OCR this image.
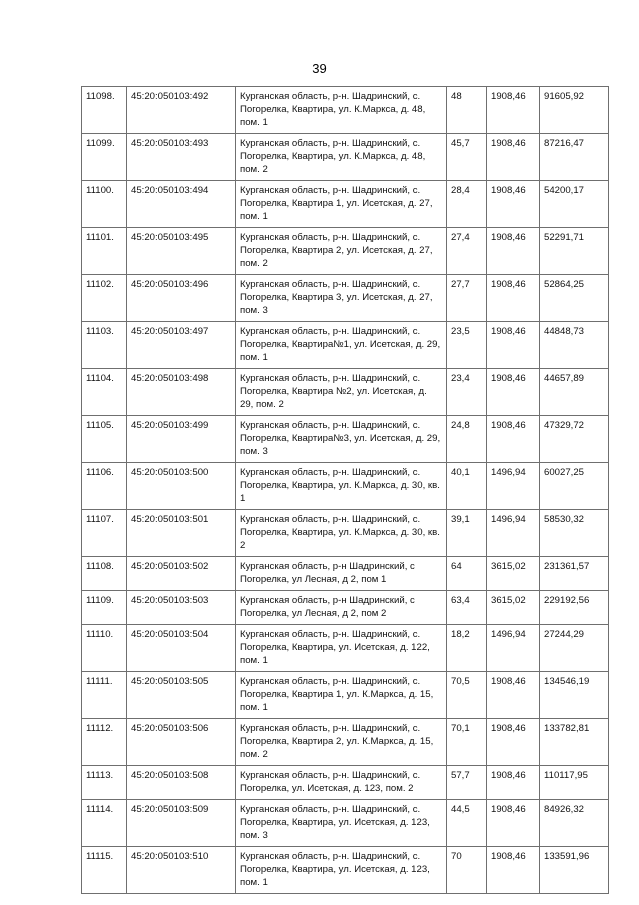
39
11098.	45:20:050103:492	Курганская область, р-н. Шадринский, с. Погорелка, Квартира, ул. К.Маркса, д. 48, пом. 1	48	1908,46	91605,92
11099.	45:20:050103:493	Курганская область, р-н. Шадринский, с. Погорелка, Квартира, ул. К.Маркса, д. 48, пом. 2	45,7	1908,46	87216,47
11100.	45:20:050103:494	Курганская область, р-н. Шадринский, с. Погорелка, Квартира 1, ул. Исетская, д. 27, пом. 1	28,4	1908,46	54200,17
11101.	45:20:050103:495	Курганская область, р-н. Шадринский, с. Погорелка, Квартира 2, ул. Исетская, д. 27, пом. 2	27,4	1908,46	52291,71
11102.	45:20:050103:496	Курганская область, р-н. Шадринский, с. Погорелка, Квартира 3, ул. Исетская, д. 27, пом. 3	27,7	1908,46	52864,25
11103.	45:20:050103:497	Курганская область, р-н. Шадринский, с. Погорелка, Квартира№1, ул. Исетская, д. 29, пом. 1	23,5	1908,46	44848,73
11104.	45:20:050103:498	Курганская область, р-н. Шадринский, с. Погорелка, Квартира №2, ул. Исетская, д. 29, пом. 2	23,4	1908,46	44657,89
11105.	45:20:050103:499	Курганская область, р-н. Шадринский, с. Погорелка, Квартира№3, ул. Исетская, д. 29, пом. 3	24,8	1908,46	47329,72
11106.	45:20:050103:500	Курганская область, р-н. Шадринский, с. Погорелка, Квартира, ул. К.Маркса, д. 30, кв. 1	40,1	1496,94	60027,25
11107.	45:20:050103:501	Курганская область, р-н. Шадринский, с. Погорелка, Квартира, ул. К.Маркса, д. 30, кв. 2	39,1	1496,94	58530,32
11108.	45:20:050103:502	Курганская область, р-н Шадринский, с Погорелка, ул Лесная, д 2, пом 1	64	3615,02	231361,57
11109.	45:20:050103:503	Курганская область, р-н Шадринский, с Погорелка, ул Лесная, д 2, пом 2	63,4	3615,02	229192,56
11110.	45:20:050103:504	Курганская область, р-н. Шадринский, с. Погорелка, Квартира, ул. Исетская, д. 122, пом. 1	18,2	1496,94	27244,29
11111.	45:20:050103:505	Курганская область, р-н. Шадринский, с. Погорелка, Квартира 1, ул. К.Маркса, д. 15, пом. 1	70,5	1908,46	134546,19
11112.	45:20:050103:506	Курганская область, р-н. Шадринский, с. Погорелка, Квартира 2, ул. К.Маркса, д. 15, пом. 2	70,1	1908,46	133782,81
11113.	45:20:050103:508	Курганская область, р-н. Шадринский, с. Погорелка, ул. Исетская, д. 123, пом. 2	57,7	1908,46	110117,95
11114.	45:20:050103:509	Курганская область, р-н. Шадринский, с. Погорелка, Квартира, ул. Исетская, д. 123, пом. 3	44,5	1908,46	84926,32
11115.	45:20:050103:510	Курганская область, р-н. Шадринский, с. Погорелка, Квартира, ул. Исетская, д. 123, пом. 1	70	1908,46	133591,96
